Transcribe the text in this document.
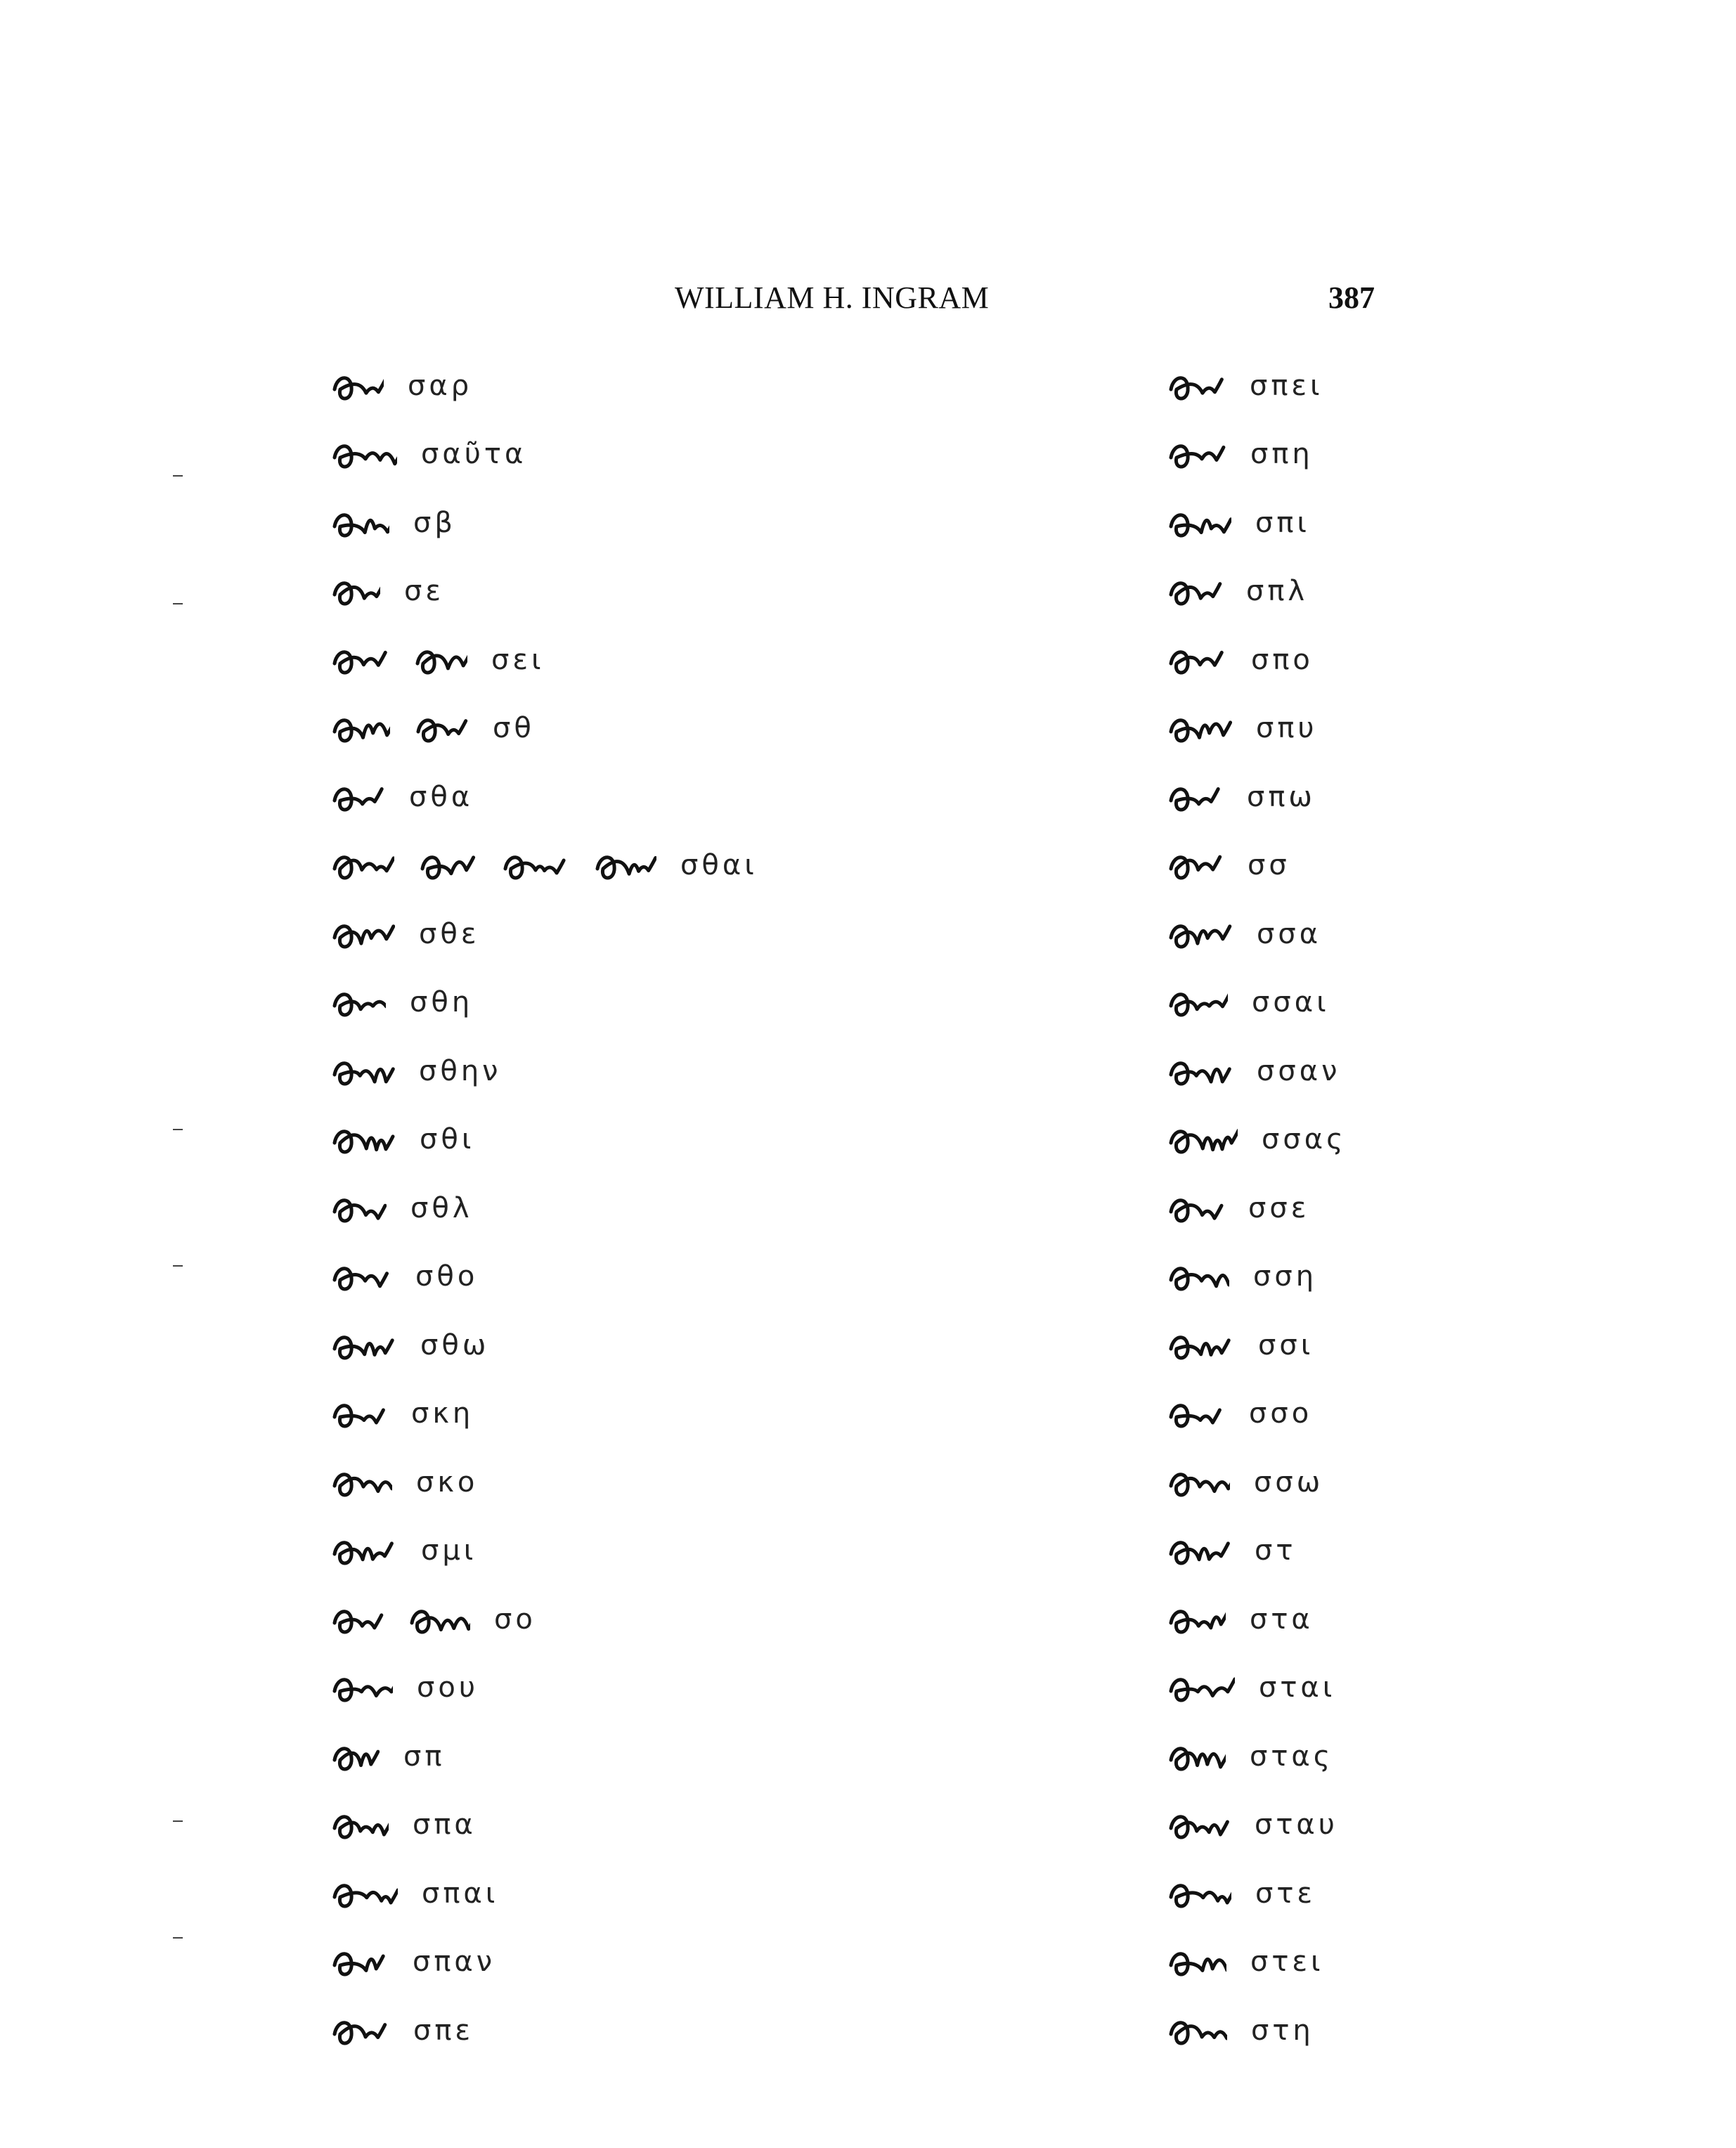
WILLIAM H. INGRAM	387
σαρ
σαῦτα
σβ
σε
σει
σθ
σθα
σθαι
σθε
σθη
σθην
σθι
σθλ
σθο
σθω
σκη
σκο
σμι
σο
σου
σπ
σπα
σπαι
σπαν
σπε
σπει
σπη
σπι
σπλ
σπο
σπυ
σπω
σσ
σσα
σσαι
σσαν
σσας
σσε
σση
σσι
σσο
σσω
στ
στα
σται
στας
σταυ
στε
στει
στη
